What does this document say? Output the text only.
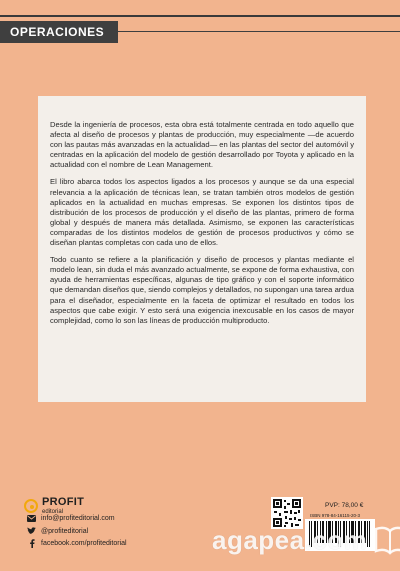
OPERACIONES

Desde la ingeniería de procesos, esta obra está totalmente centrada en todo aquello que afecta al diseño de procesos y plantas de producción, muy especialmente —de acuerdo con las pautas más avanzadas en la actualidad— en las plantas del sector del automóvil y centradas en la aplicación del modelo de gestión desarrollado por Toyota y aplicado en la actualidad con el nombre de Lean Management.

El libro abarca todos los aspectos ligados a los procesos y aunque se da una especial relevancia a la aplicación de técnicas lean, se tratan también otros modelos de gestión aplicados en la actualidad en muchas empresas. Se exponen los distintos tipos de distribución de los procesos de producción y el diseño de las plantas, primero de forma global y después de manera más detallada. Asimismo, se exponen las características comparadas de los distintos modelos de gestión de procesos productivos y cómo se diseñan plantas completas con cada uno de ellos.

Todo cuanto se refiere a la planificación y diseño de procesos y plantas mediante el modelo lean, sin duda el más avanzado actualmente, se expone de forma exhaustiva, con ayuda de herramientas específicas, algunas de tipo gráfico y con el soporte informático que demandan diseños que, siendo complejos y detallados, no supongan una tarea ardua para el diseñador, especialmente en la faceta de optimizar el resultado en todos los aspectos que cabe exigir. Y esto será una exigencia inexcusable en los casos de mayor complejidad, como lo son las líneas de producción multiproducto.

PROFIT
editorial
info@profiteditorial.com
@profiteditorial
facebook.com/profiteditorial
PVP: 78,00 €
ISBN 978-84-16115-20-3
agapea.com
